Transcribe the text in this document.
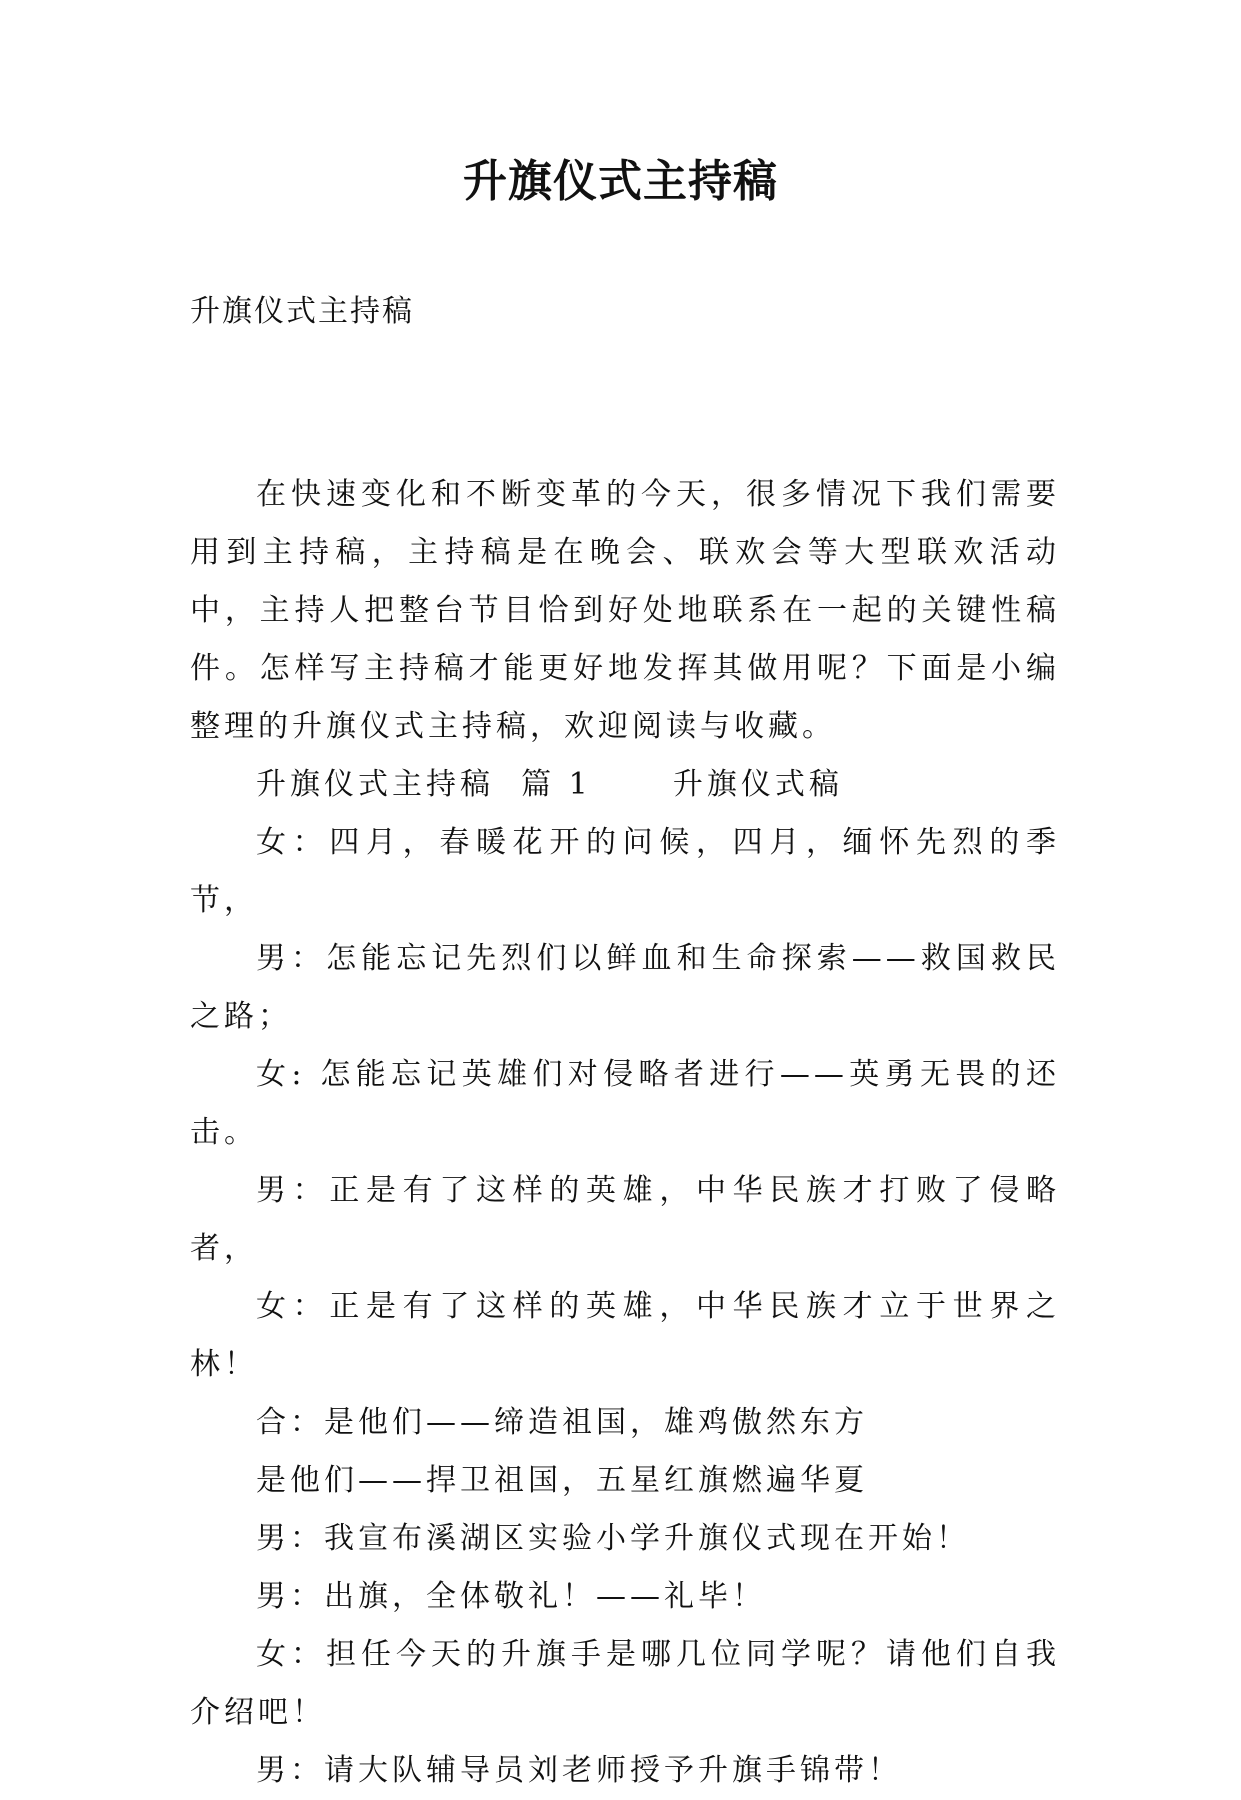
升旗仪式主持稿
升旗仪式主持稿

在快速变化和不断变革的今天，很多情况下我们需要用到主持稿，主持稿是在晚会、联欢会等大型联欢活动中，主持人把整台节目恰到好处地联系在一起的关键性稿件。怎样写主持稿才能更好地发挥其做用呢？下面是小编整理的升旗仪式主持稿，欢迎阅读与收藏。

升旗仪式主持稿  篇 1      升旗仪式稿

女：四月，春暖花开的问候，四月，缅怀先烈的季节，

男：怎能忘记先烈们以鲜血和生命探索——救国救民之路；

女: 怎能忘记英雄们对侵略者进行——英勇无畏的还击。

男：正是有了这样的英雄，中华民族才打败了侵略者，

女：正是有了这样的英雄，中华民族才立于世界之林！

合：是他们——缔造祖国，雄鸡傲然东方

是他们——捍卫祖国，五星红旗燃遍华夏

男：我宣布溪湖区实验小学升旗仪式现在开始！

男：出旗，全体敬礼！——礼毕！

女：担任今天的升旗手是哪几位同学呢？请他们自我介绍吧！

男：请大队辅导员刘老师授予升旗手锦带！
